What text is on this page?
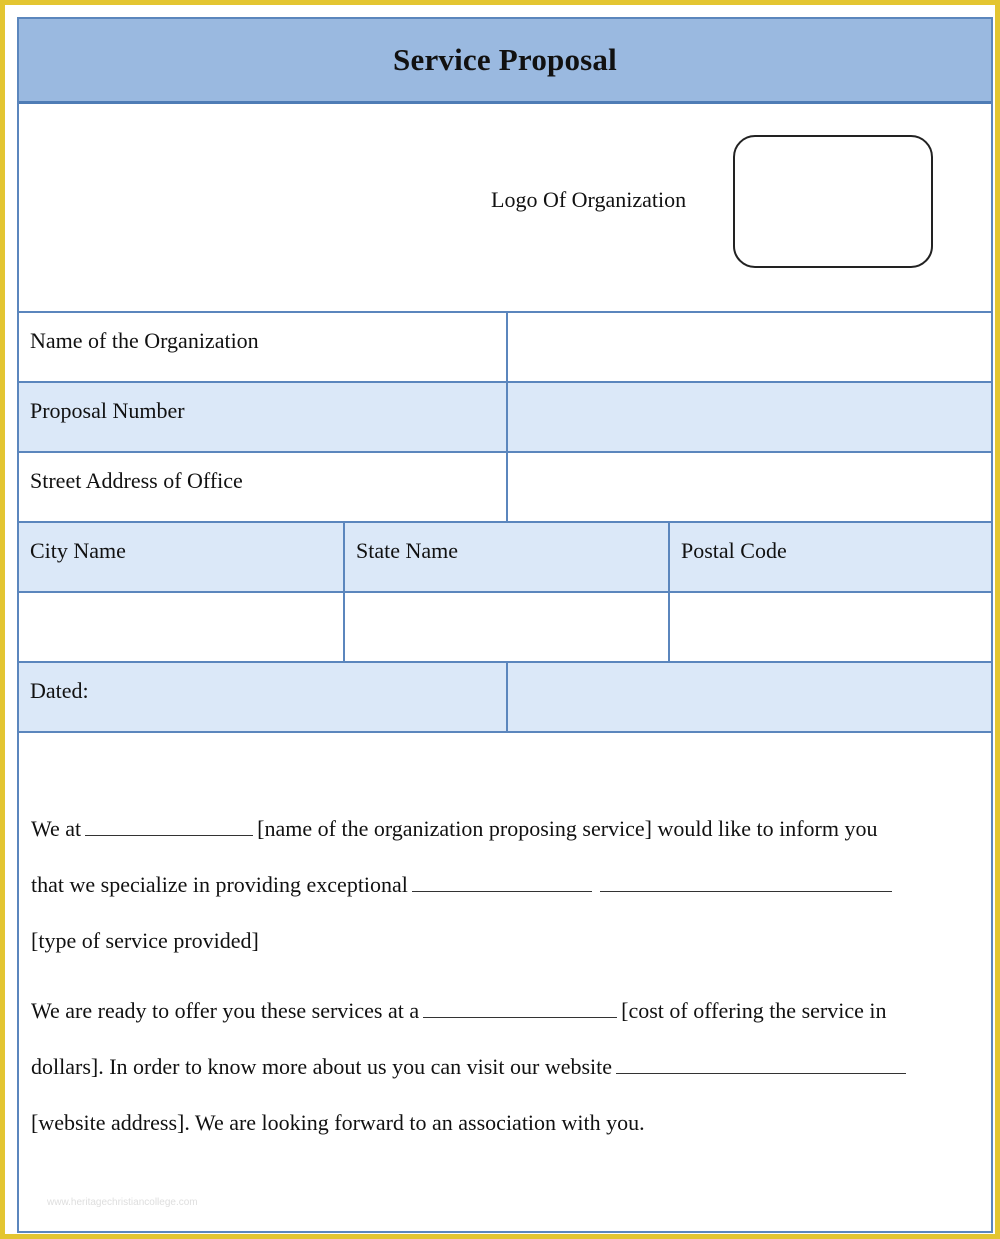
Service Proposal
Logo Of Organization
Name of the Organization
Proposal Number
Street Address of Office
City Name	State Name	Postal Code
Dated:

We at	[name of the organization proposing service] would like to inform you

that we specialize in providing exceptional

[type of service provided]

We are ready to offer you these services at a	[cost of offering the service in

dollars]. In order to know more about us you can visit our website

[website address]. We are looking forward to an association with you.

www.heritagechristiancollege.com
